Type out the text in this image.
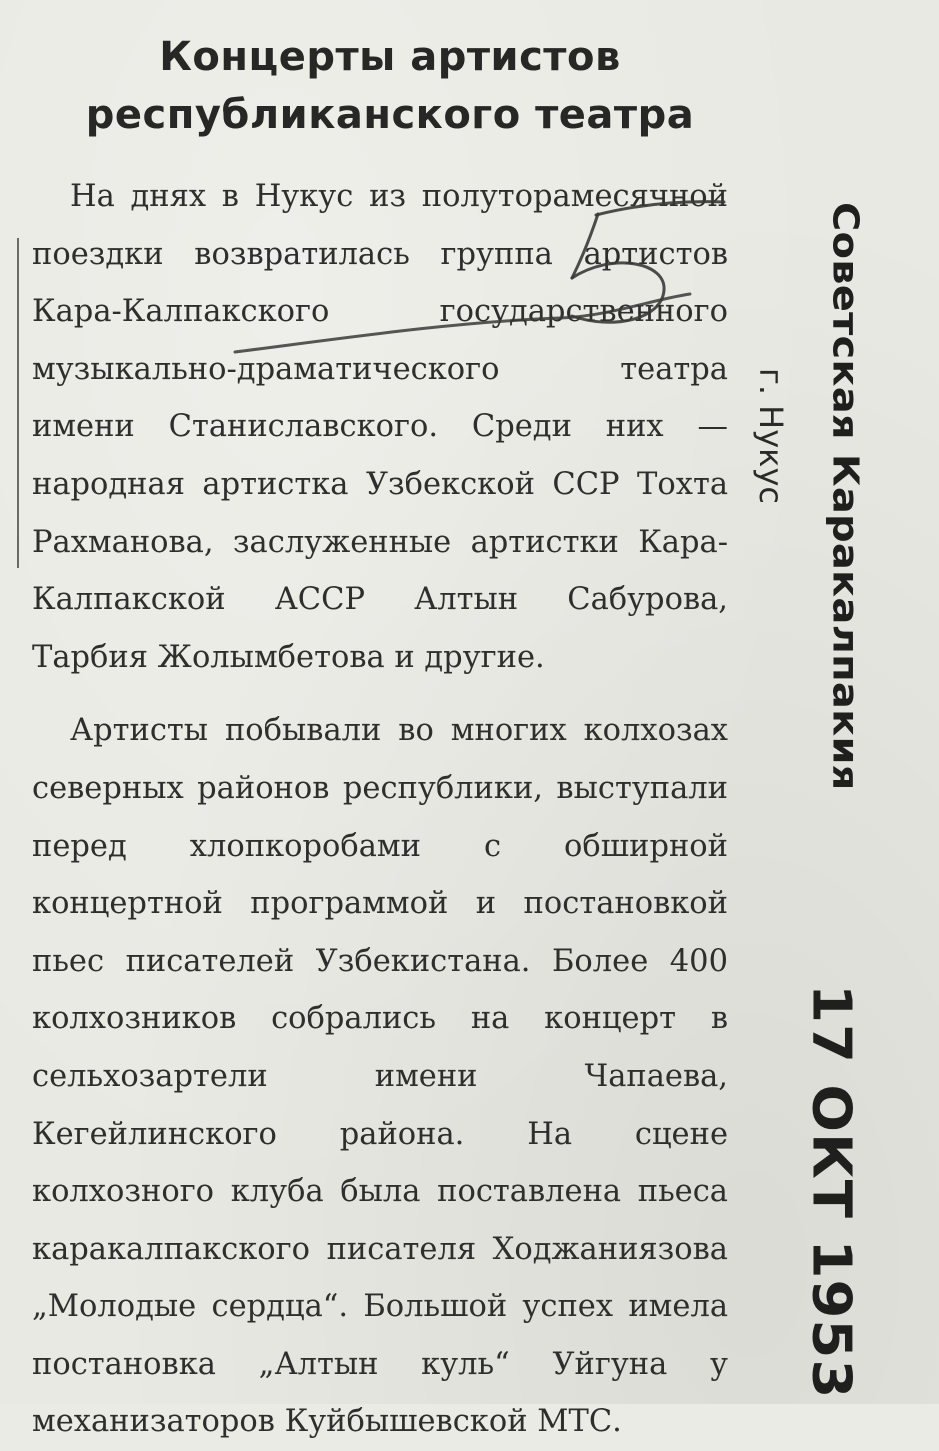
Концерты артистов
республиканского театра

На днях в Нукус из полуторамесячной поездки возвратилась группа артистов Кара-Калпакского государственного музыкально-драматического театра имени Станиславского. Среди них — народная артистка Узбекской ССР Тохта Рахманова, заслуженные артистки Кара-Калпакской АССР Алтын Сабурова, Тарбия Жолымбетова и другие.

Артисты побывали во многих колхозах северных районов республики, выступали перед хлопкоробами с обширной концертной программой и постановкой пьес писателей Узбекистана. Более 400 колхозников собрались на концерт в сельхозартели имени Чапаева, Кегейлинского района. На сцене колхозного клуба была поставлена пьеса каракалпакского писателя Ходжаниязова „Молодые сердца“. Большой успех имела постановка „Алтын куль“ Уйгуна у механизаторов Куйбышевской МТС.

Советская Каракалпакия
г. Нукус
17 ОКТ 1953
